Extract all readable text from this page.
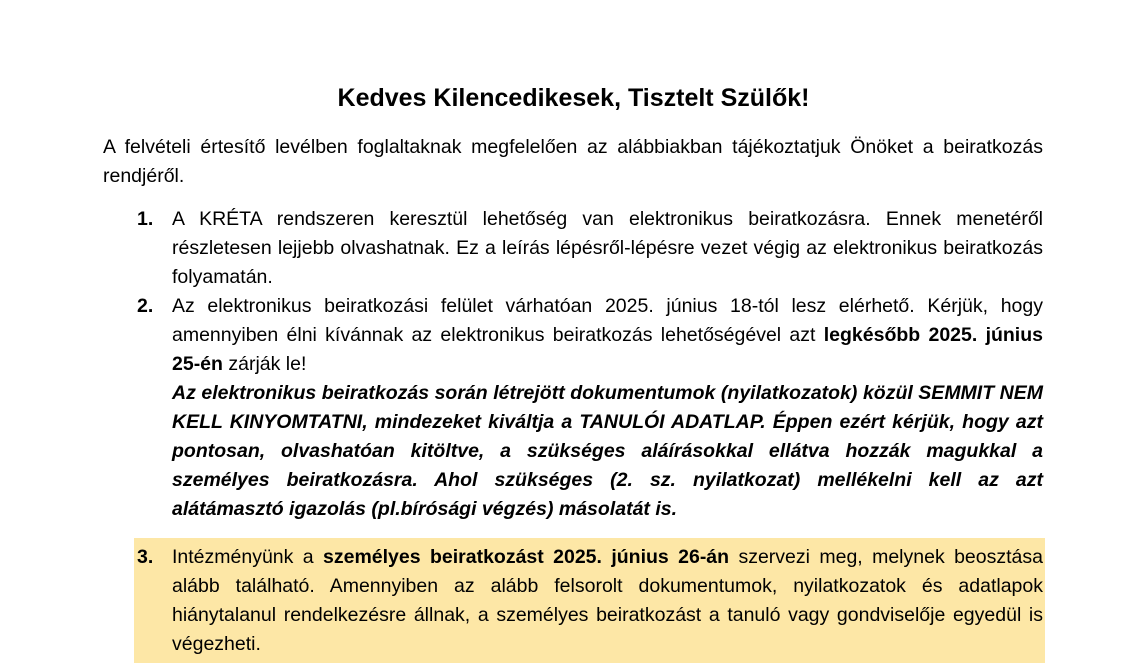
Kedves Kilencedikesek, Tisztelt Szülők!
A felvételi értesítő levélben foglaltaknak megfelelően az alábbiakban tájékoztatjuk Önöket a beiratkozás rendjéről.
1. A KRÉTA rendszeren keresztül lehetőség van elektronikus beiratkozásra. Ennek menetéről részletesen lejjebb olvashatnak. Ez a leírás lépésről-lépésre vezet végig az elektronikus beiratkozás folyamatán.

2. Az elektronikus beiratkozási felület várhatóan 2025. június 18-tól lesz elérhető. Kérjük, hogy amennyiben élni kívánnak az elektronikus beiratkozás lehetőségével azt legkésőbb 2025. június 25-én zárják le!

Az elektronikus beiratkozás során létrejött dokumentumok (nyilatkozatok) közül SEMMIT NEM KELL KINYOMTATNI, mindezeket kiváltja a TANULÓI ADATLAP. Éppen ezért kérjük, hogy azt pontosan, olvashatóan kitöltve, a szükséges aláírásokkal ellátva hozzák magukkal a személyes beiratkozásra. Ahol szükséges (2. sz. nyilatkozat) mellékelni kell az azt alátámasztó igazolás (pl.bírósági végzés) másolatát is.

3. Intézményünk a személyes beiratkozást 2025. június 26-án szervezi meg, melynek beosztása alább található. Amennyiben az alább felsorolt dokumentumok, nyilatkozatok és adatlapok hiánytalanul rendelkezésre állnak, a személyes beiratkozást a tanuló vagy gondviselője egyedül is végezheti.
